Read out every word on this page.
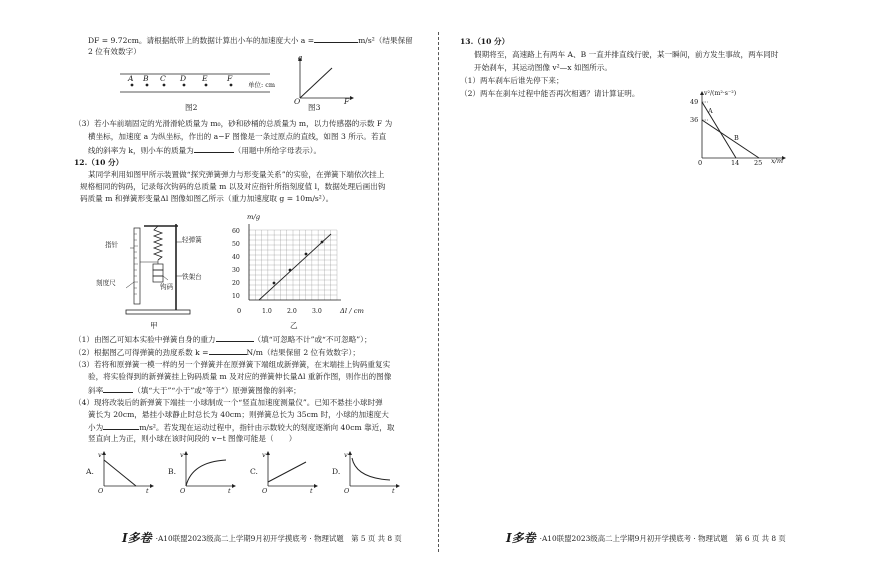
DF = 9.72cm。请根据纸带上的数据计算出小车的加速度大小 a =	m/s²（结果保留
2 位有效数字）
A B C D E	F
单位: cm
图2
a
F
O
图3
（3）若小车前端固定的光滑滑轮质量为 m₀，砂和砂桶的总质量为 m，以力传感器的示数 F 为
横坐标，加速度 a 为纵坐标，作出的 a−F 图像是一条过原点的直线，如图 3 所示。若直
线的斜率为 k，则小车的质量为	（用题中所给字母表示）。
12.（10 分）
某同学利用如图甲所示装置做“探究弹簧弹力与形变量关系”的实验，在弹簧下端依次挂上
规格相同的钩码，记录每次钩码的总质量 m 以及对应指针所指刻度值 l，数据处理后画出钩
码质量 m 和弹簧形变量Δl 图像如图乙所示（重力加速度取 g = 10m/s²）。
指针
轻弹簧
刻度尺	钩码
铁架台
甲
m/g
Δl / cm
0
10
20
30
40
50
60
1.0 2.0 3.0
乙
（1）由图乙可知本实验中弹簧自身的重力	（填“可忽略不计”或“不可忽略”）；
（2）根据图乙可得弹簧的劲度系数 k =	N/m（结果保留 2 位有效数字）；
（3）若将和原弹簧一模一样的另一个弹簧并在原弹簧下端组成新弹簧，在末端挂上钩码重复实
验，将实验得到的新弹簧挂上钩码质量 m 及对应的弹簧伸长量Δl 重新作图，则作出的图像
斜率	（填“大于”“小于”或“等于”）原弹簧图像的斜率；
（4）现将改装后的新弹簧下端挂一小球制成一个“竖直加速度测量仪”。已知不悬挂小球时弹
簧长为 20cm，悬挂小球静止时总长为 40cm；则弹簧总长为 35cm 时，小球的加速度大
小为	m/s²。若发现在运动过程中，指针由示数较大的刻度逐渐向 40cm 靠近，取
竖直向上为正，则小球在该时间段的 v−t 图像可能是（　　）
A.	B.	C.	D.
v	v	v	v
O	O	O	O
t	t	t	t
I多卷 ·A10联盟2023级高二上学期9月初开学摸底考 · 物理试题　第 5 页 共 8 页
13.（10 分）
假期将至，高速路上有两车 A、B 一直并排直线行驶，某一瞬间，前方发生事故，两车同时
开始刹车，其运动图像 v²—x 如图所示。
（1）两车刹车后谁先停下来；
（2）两车在刹车过程中能否再次相遇？请计算证明。	v²/(m²·s⁻²)
49
36
A
B
0	14 25 x/m
I多卷 ·A10联盟2023级高二上学期9月初开学摸底考 · 物理试题　第 6 页 共 8 页
